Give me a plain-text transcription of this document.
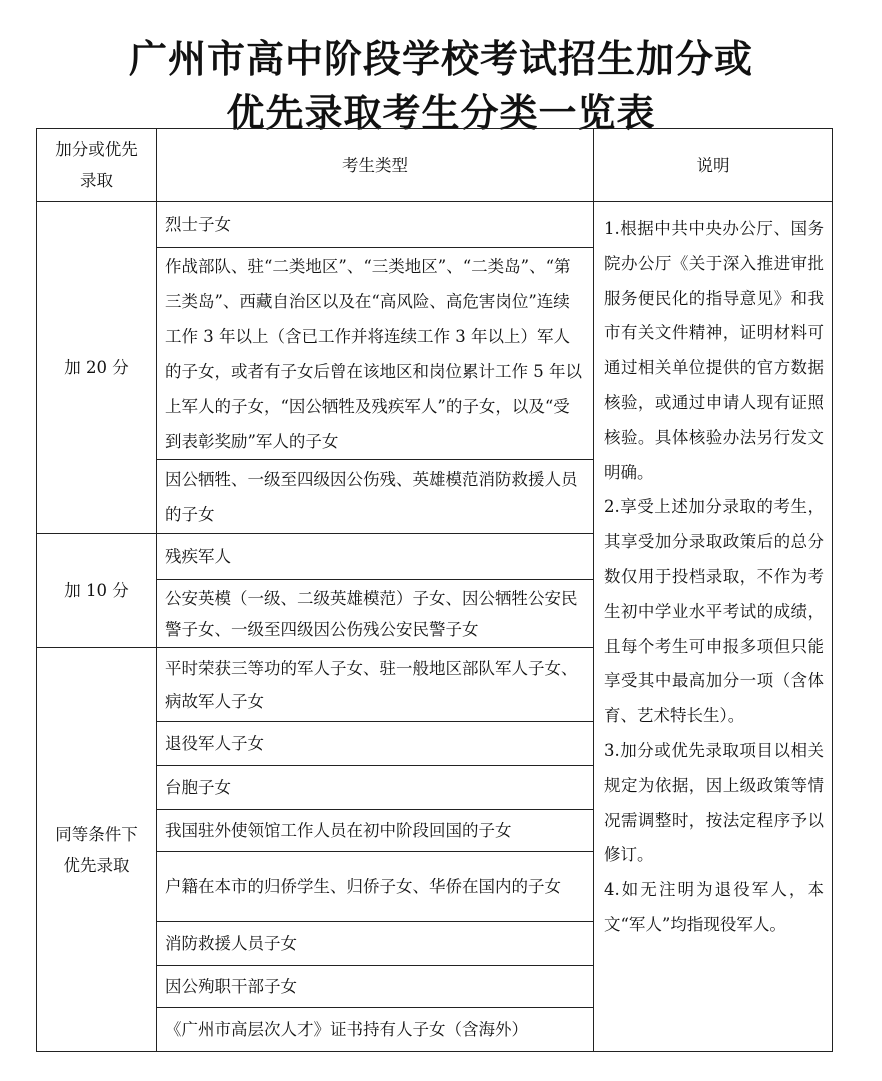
广州市高中阶段学校考试招生加分或
优先录取考生分类一览表
加分或优先
录取	考生类型	说明
加 20 分	烈士子女	1.根据中共中央办公厅、国务院办公厅《关于深入推进审批服务便民化的指导意见》和我市有关文件精神，证明材料可通过相关单位提供的官方数据核验，或通过申请人现有证照核验。具体核验办法另行发文明确。

2.享受上述加分录取的考生，其享受加分录取政策后的总分数仅用于投档录取，不作为考生初中学业水平考试的成绩，且每个考生可申报多项但只能享受其中最高加分一项（含体育、艺术特长生）。

3.加分或优先录取项目以相关规定为依据，因上级政策等情况需调整时，按法定程序予以修订。

4.如无注明为退役军人，本文“军人”均指现役军人。

	作战部队、驻“二类地区”、“三类地区”、“二类岛”、“第三类岛”、西藏自治区以及在“高风险、高危害岗位”连续工作 3 年以上（含已工作并将连续工作 3 年以上）军人的子女，或者有子女后曾在该地区和岗位累计工作 5 年以上军人的子女，“因公牺牲及残疾军人”的子女，以及“受到表彰奖励”军人的子女	
	因公牺牲、一级至四级因公伤残、英雄模范消防救援人员的子女	
加 10 分	残疾军人	
	公安英模（一级、二级英雄模范）子女、因公牺牲公安民警子女、一级至四级因公伤残公安民警子女	

同等条件下
优先录取	平时荣获三等功的军人子女、驻一般地区部队军人子女、病故军人子女	
	退役军人子女	
	台胞子女	
	我国驻外使领馆工作人员在初中阶段回国的子女	
	户籍在本市的归侨学生、归侨子女、华侨在国内的子女	
	消防救援人员子女	
	因公殉职干部子女	
	《广州市高层次人才》证书持有人子女（含海外）	
